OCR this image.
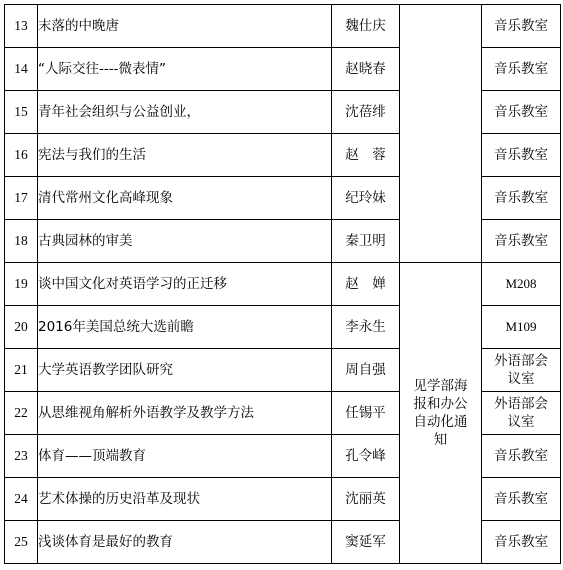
13	末落的中晚唐	魏仕庆		音乐教室

14	“人际交往----微表情”	赵晓春		音乐教室

15	青年社会组织与公益创业，	沈蓓绯		音乐教室

16	宪法与我们的生活	赵　蓉		音乐教室

17	清代常州文化高峰现象	纪玲妹		音乐教室

18	古典园林的审美	秦卫明		音乐教室

19	谈中国文化对英语学习的正迁移	赵　婵	见学部海
报和办公
自动化通
知	M208

20	2016年美国总统大选前瞻	李永生		M109

21	大学英语教学团队研究	周自强		外语部会
议室

22	从思维视角解析外语教学及教学方法	任锡平		外语部会
议室

23	体育——顶端教育	孔令峰		音乐教室

24	艺术体操的历史沿革及现状	沈丽英		音乐教室

25	浅谈体育是最好的教育	窦延军		音乐教室
